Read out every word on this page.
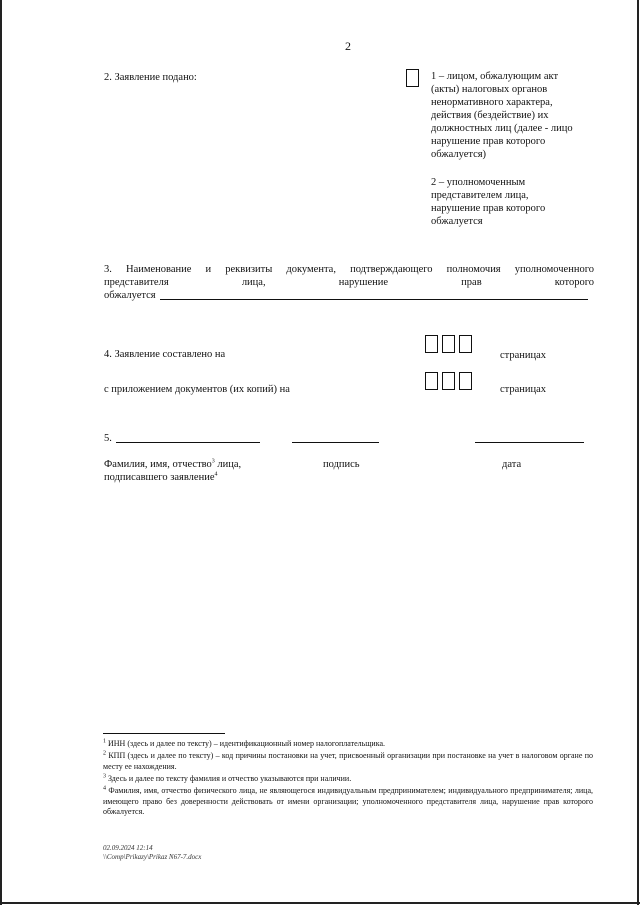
2
2. Заявление подано:	1 – лицом, обжалующим акт
(акты) налоговых органов
ненормативного характера,
действия (бездействие) их
должностных лиц (далее - лицо
нарушение прав которого
обжалуется)
2 – уполномоченным
представителем лица,
нарушение прав которого
обжалуется
3. Наименование и реквизиты документа, подтверждающего полномочия уполномоченного
представителя лица, нарушение прав которого
обжалуется
4. Заявление составлено на	страницах
с приложением документов (их копий) на	страницах
5.
Фамилия, имя, отчество$^3$ лица,
подписавшего заявление$^4$
подпись	дата
$^1$ ИНН (здесь и далее по тексту) – идентификационный номер налогоплательщика.
$^2$ КПП (здесь и далее по тексту) – код причины постановки на учет, присвоенный организации при постановке на учет в налоговом органе по месту ее нахождения.
$^3$ Здесь и далее по тексту фамилия и отчество указываются при наличии.
$^4$ Фамилия, имя, отчество физического лица, не являющегося индивидуальным предпринимателем; индивидуального предпринимателя; лица, имеющего право без доверенности действовать от имени организации; уполномоченного представителя лица, нарушение прав которого обжалуется.
02.09.2024 12:14
\\Comp\Prikazy\Prikaz N67-7.docx
